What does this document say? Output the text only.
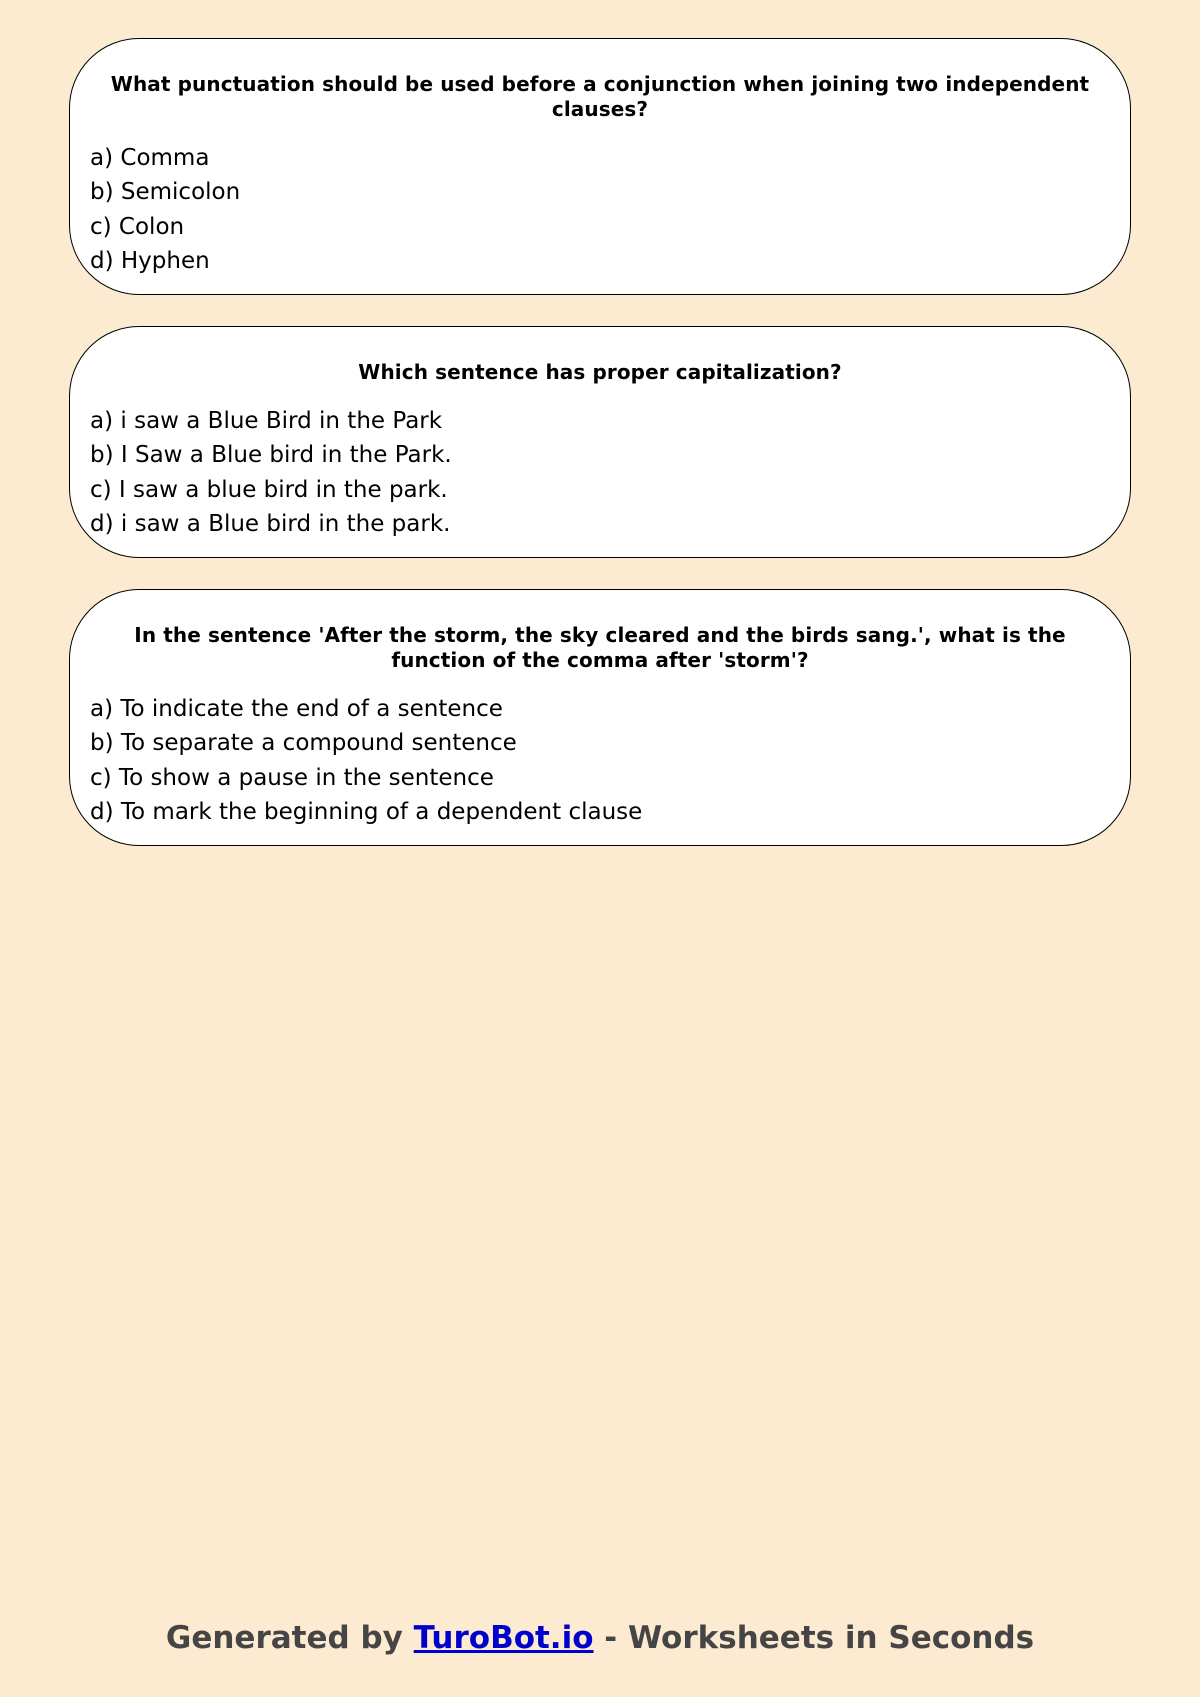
What punctuation should be used before a conjunction when joining two independent clauses?

a) Comma
b) Semicolon
c) Colon
d) Hyphen

Which sentence has proper capitalization?

a) i saw a Blue Bird in the Park
b) I Saw a Blue bird in the Park.
c) I saw a blue bird in the park.
d) i saw a Blue bird in the park.

In the sentence 'After the storm, the sky cleared and the birds sang.', what is the function of the comma after 'storm'?

a) To indicate the end of a sentence
b) To separate a compound sentence
c) To show a pause in the sentence
d) To mark the beginning of a dependent clause
Generated by TuroBot.io - Worksheets in Seconds
